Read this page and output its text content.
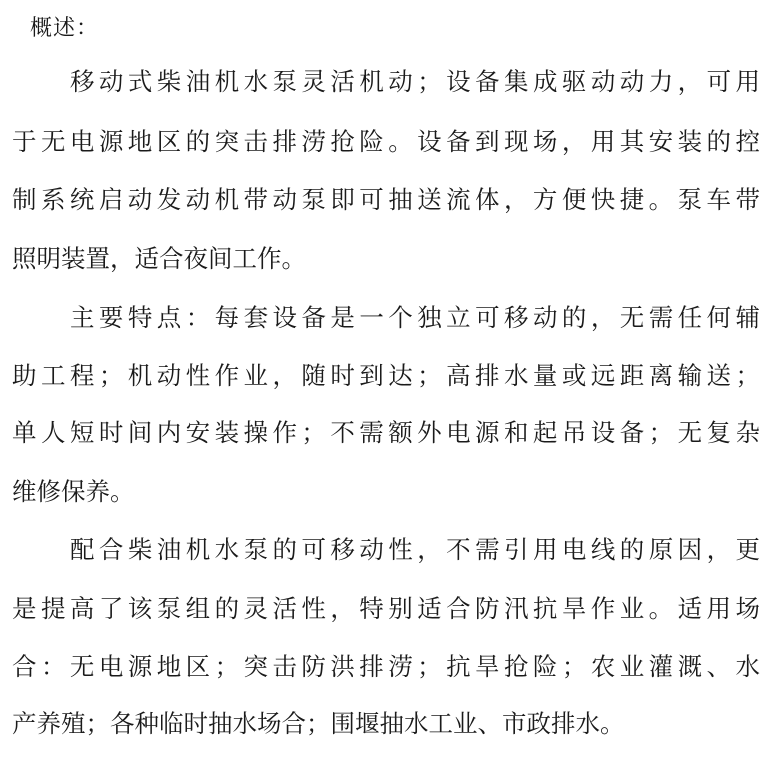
概述：
移动式柴油机水泵灵活机动；设备集成驱动动力，可用
于无电源地区的突击排涝抢险。设备到现场，用其安装的控
制系统启动发动机带动泵即可抽送流体，方便快捷。泵车带
照明装置，适合夜间工作。
主要特点：每套设备是一个独立可移动的，无需任何辅
助工程；机动性作业，随时到达；高排水量或远距离输送；
单人短时间内安装操作；不需额外电源和起吊设备；无复杂
维修保养。
配合柴油机水泵的可移动性，不需引用电线的原因，更
是提高了该泵组的灵活性，特别适合防汛抗旱作业。适用场
合：无电源地区；突击防洪排涝；抗旱抢险；农业灌溉、水
产养殖；各种临时抽水场合；围堰抽水工业、市政排水。
